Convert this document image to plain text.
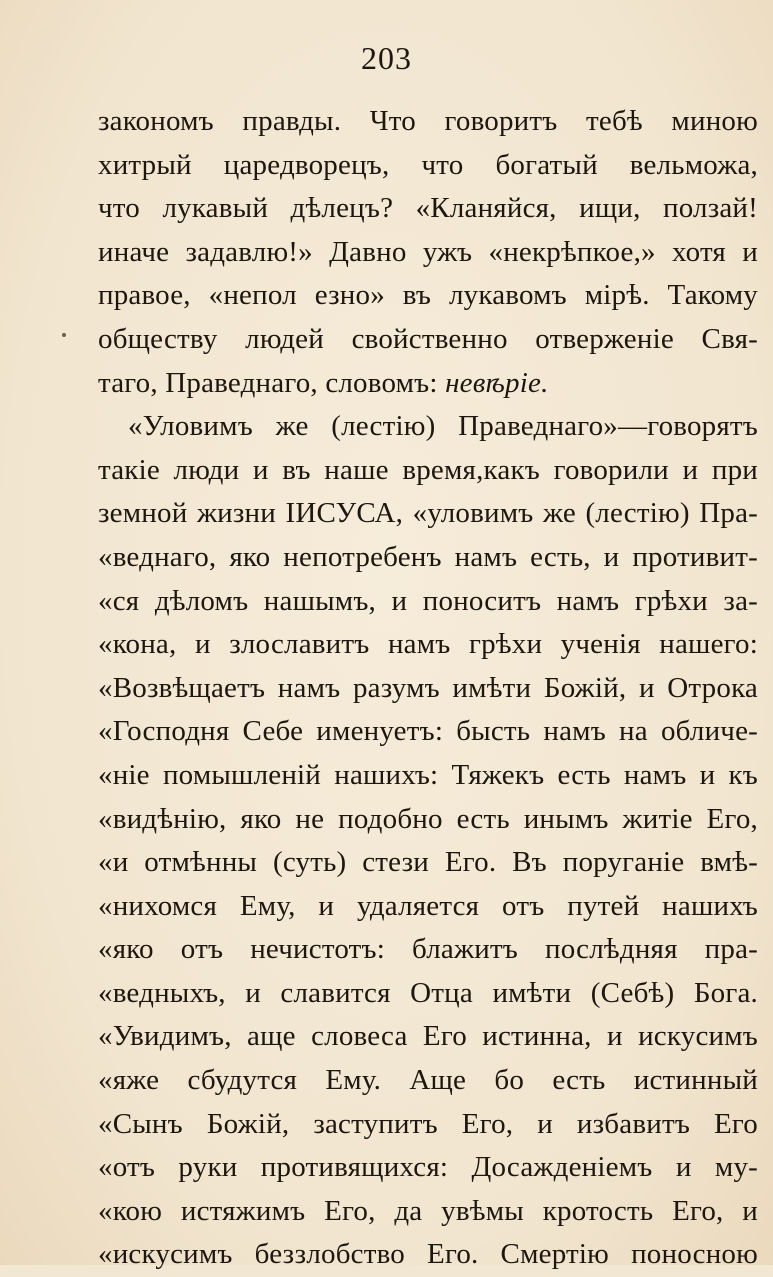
203
закономъ правды. Что говоритъ тебѣ миною
хитрый царедворецъ, что богатый вельможа,
что лукавый дѣлецъ? «Кланяйся, ищи, ползай!
иначе задавлю!» Давно ужъ «некрѣпкое,» хотя и
правое, «непол езно» въ лукавомъ мірѣ. Такому
обществу людей свойственно отверженіе Свя-
таго, Праведнаго, словомъ: невѣріе.
«Уловимъ же (лестію) Праведнаго»—говорятъ
такіе люди и въ наше время,какъ говорили и при
земной жизни ІИСУСА, «уловимъ же (лестію) Пра-
«веднаго, яко непотребенъ намъ есть, и противит-
«ся дѣломъ нашымъ, и поноситъ намъ грѣхи за-
«кона, и злославитъ намъ грѣхи ученія нашего:
«Возвѣщаетъ намъ разумъ имѣти Божій, и Отрока
«Господня Себе именуетъ: бысть намъ на обличе-
«ніе помышленій нашихъ: Тяжекъ есть намъ и къ
«видѣнію, яко не подобно есть инымъ житіе Его,
«и отмѣнны (суть) стези Его. Въ поруганіе вмѣ-
«нихомся Ему, и удаляется отъ путей нашихъ
«яко отъ нечистотъ: блажитъ послѣдняя пра-
«ведныхъ, и славится Отца имѣти (Себѣ) Бога.
«Увидимъ, аще словеса Его истинна, и искусимъ
«яже сбудутся Ему. Аще бо есть истинный
«Сынъ Божій, заступитъ Его, и избавитъ Его
«отъ руки противящихся: Досажденіемъ и му-
«кою истяжимъ Его, да увѣмы кротость Его, и
«искусимъ беззлобство Его. Смертію поносною
